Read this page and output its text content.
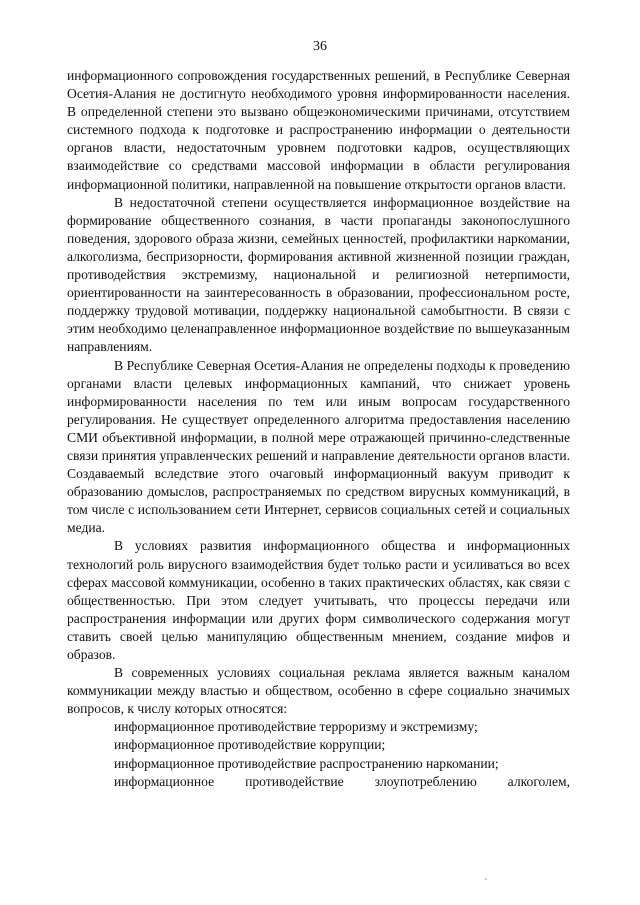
36

информационного сопровождения государственных решений, в Республике Северная Осетия-Алания не достигнуто необходимого уровня информированности населения. В определенной степени это вызвано общеэкономическими причинами, отсутствием системного подхода к подготовке и распространению информации о деятельности органов власти, недостаточным уровнем подготовки кадров, осуществляющих взаимодействие со средствами массовой информации в области регулирования информационной политики, направленной на повышение открытости органов власти.

В недостаточной степени осуществляется информационное воздействие на формирование общественного сознания, в части пропаганды законопослушного поведения, здорового образа жизни, семейных ценностей, профилактики наркомании, алкоголизма, беспризорности, формирования активной жизненной позиции граждан, противодействия экстремизму, национальной и религиозной нетерпимости, ориентированности на заинтересованность в образовании, профессиональном росте, поддержку трудовой мотивации, поддержку национальной самобытности. В связи с этим необходимо целенаправленное информационное воздействие по вышеуказанным направлениям.

В Республике Северная Осетия-Алания не определены подходы к проведению органами власти целевых информационных кампаний, что снижает уровень информированности населения по тем или иным вопросам государственного регулирования. Не существует определенного алгоритма предоставления населению СМИ объективной информации, в полной мере отражающей причинно-следственные связи принятия управленческих решений и направление деятельности органов власти. Создаваемый вследствие этого очаговый информационный вакуум приводит к образованию домыслов, распространяемых по средством вирусных коммуникаций, в том числе с использованием сети Интернет, сервисов социальных сетей и социальных медиа.

В условиях развития информационного общества и информационных технологий роль вирусного взаимодействия будет только расти и усиливаться во всех сферах массовой коммуникации, особенно в таких практических областях, как связи с общественностью. При этом следует учитывать, что процессы передачи или распространения информации или других форм символического содержания могут ставить своей целью манипуляцию общественным мнением, создание мифов и образов.

В современных условиях социальная реклама является важным каналом коммуникации между властью и обществом, особенно в сфере социально значимых вопросов, к числу которых относятся:

информационное противодействие терроризму и экстремизму;

информационное противодействие коррупции;

информационное противодействие распространению наркомании;

информационное противодействие злоупотреблению алкоголем,
